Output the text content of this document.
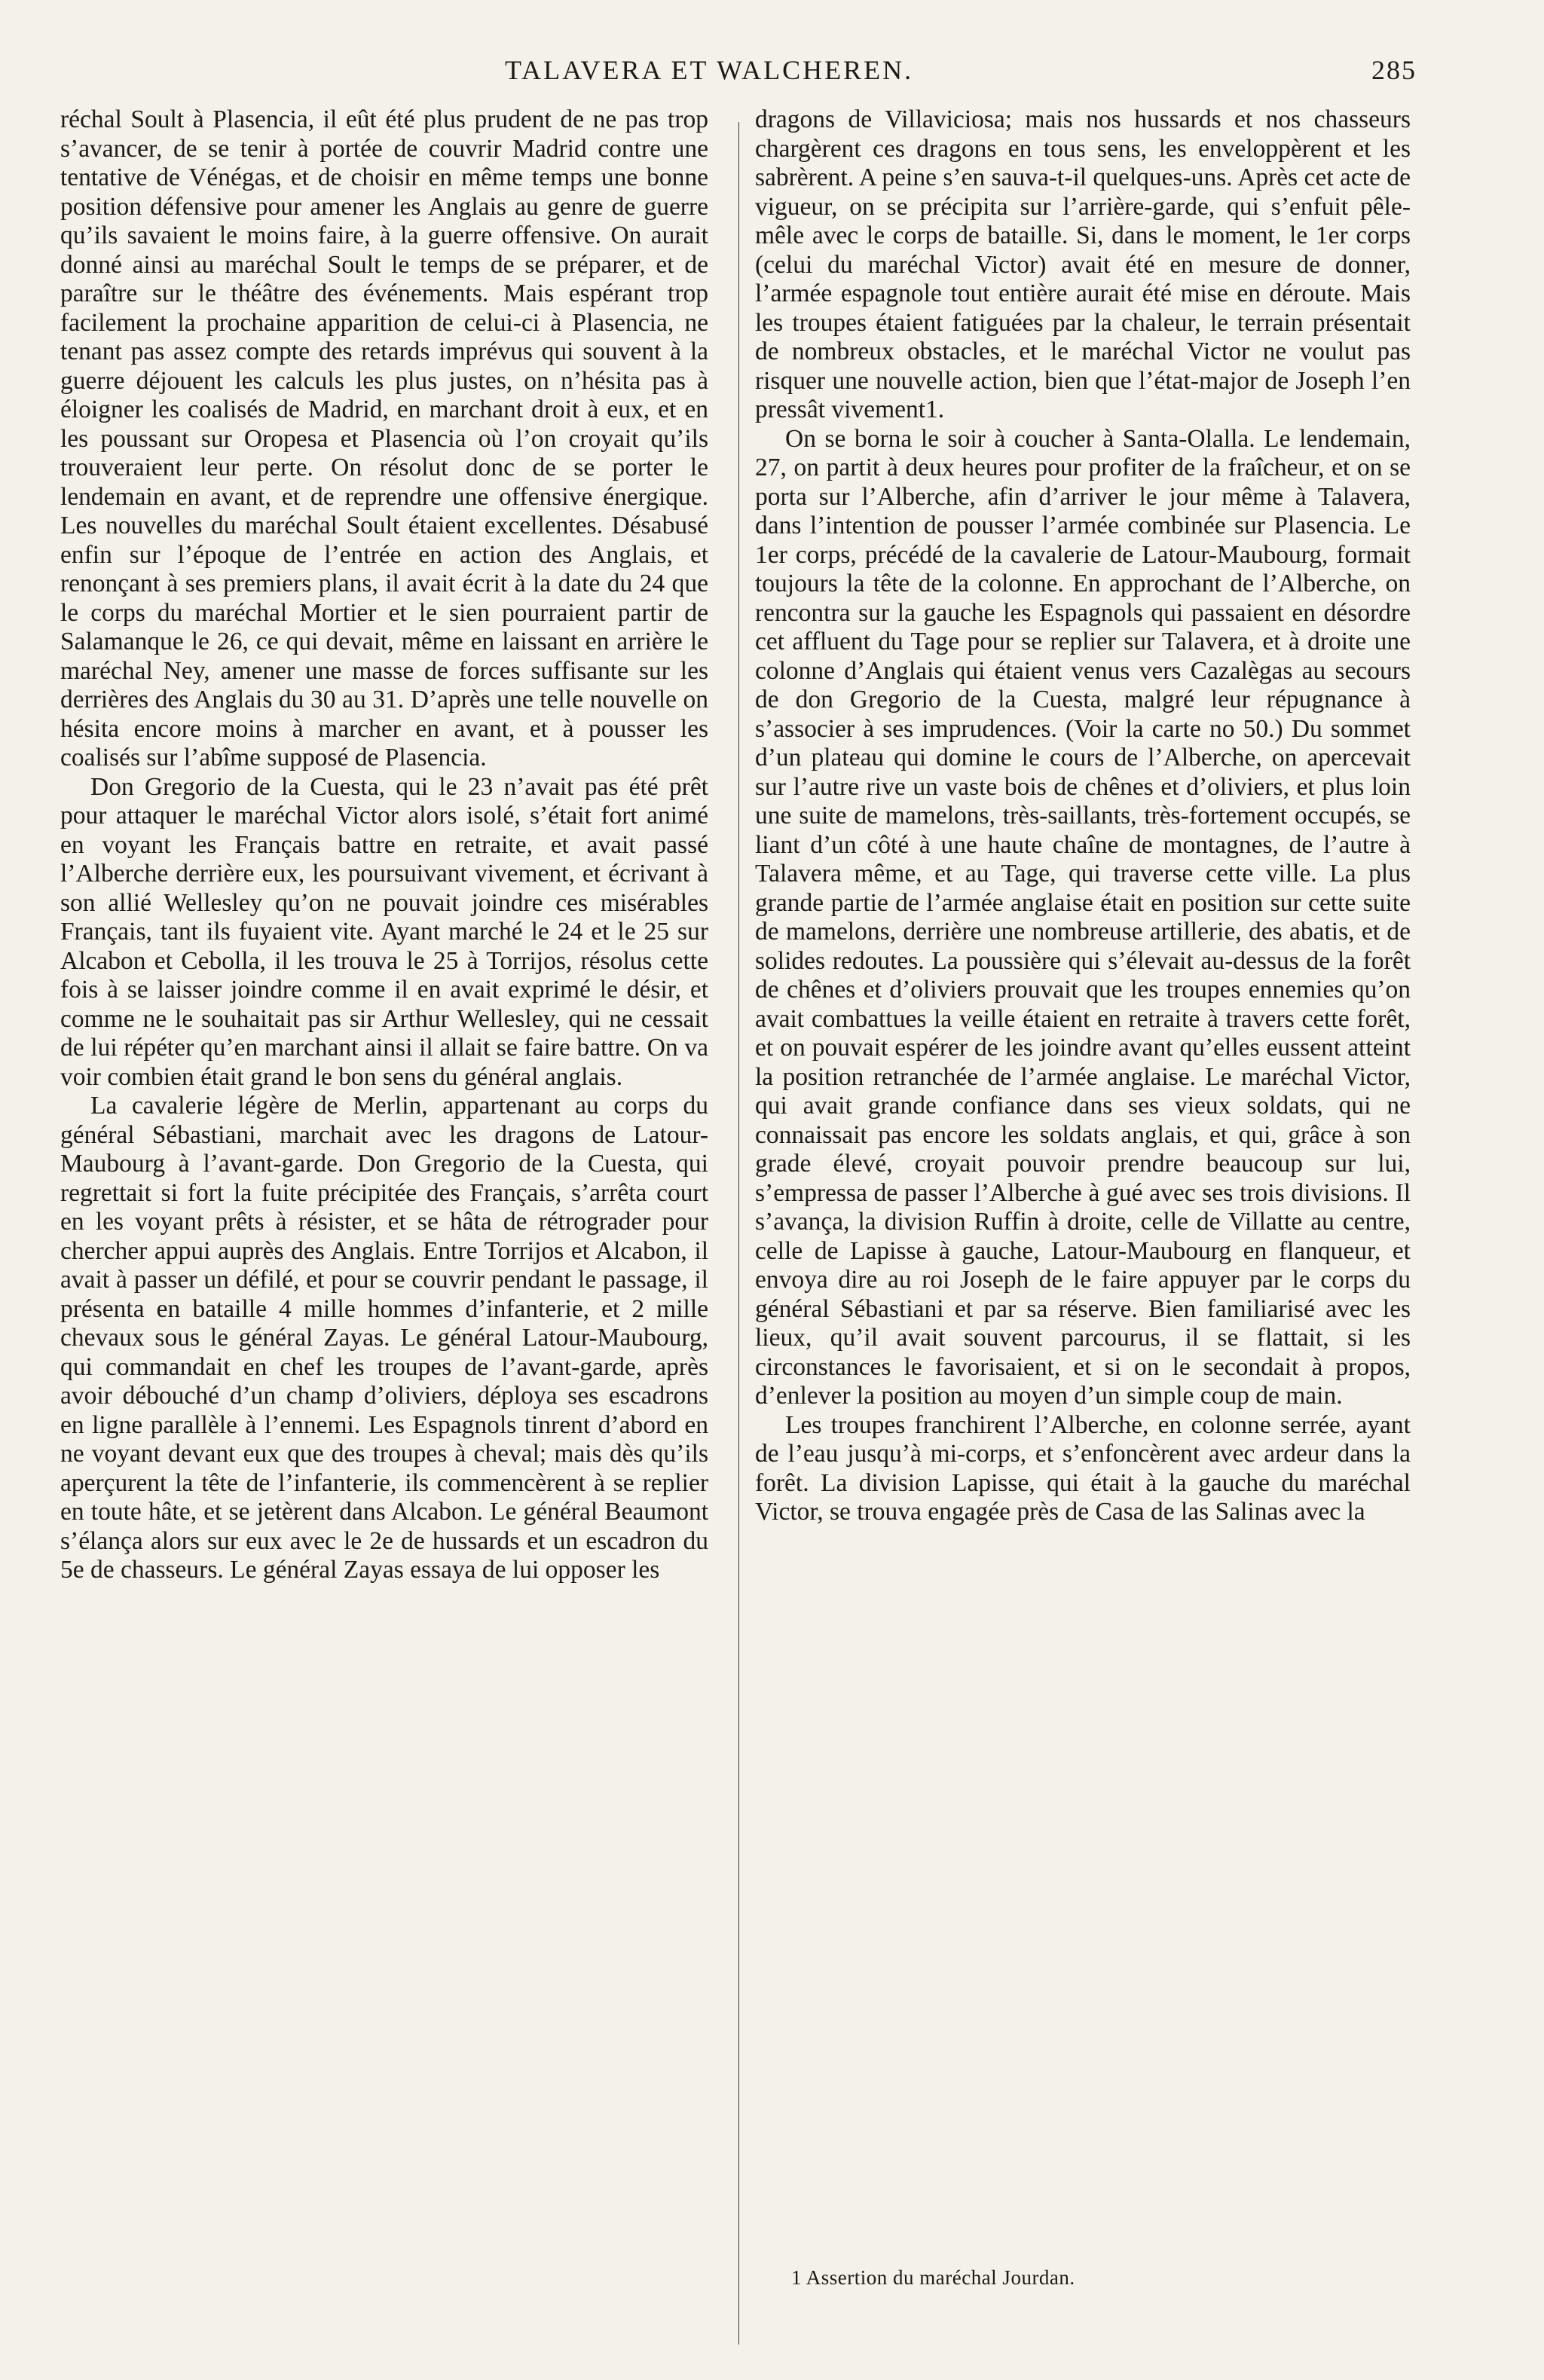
TALAVERA ET WALCHEREN.	285

réchal Soult à Plasencia, il eût été plus prudent de ne pas trop s’avancer, de se tenir à portée de couvrir Madrid contre une tentative de Vénégas, et de choisir en même temps une bonne position défensive pour amener les Anglais au genre de guerre qu’ils savaient le moins faire, à la guerre offensive. On aurait donné ainsi au maréchal Soult le temps de se préparer, et de paraître sur le théâtre des événements. Mais espérant trop facilement la prochaine apparition de celui-ci à Plasencia, ne tenant pas assez compte des retards imprévus qui souvent à la guerre déjouent les calculs les plus justes, on n’hésita pas à éloigner les coalisés de Madrid, en marchant droit à eux, et en les poussant sur Oropesa et Plasencia où l’on croyait qu’ils trouveraient leur perte. On résolut donc de se porter le lendemain en avant, et de reprendre une offensive énergique. Les nouvelles du maréchal Soult étaient excellentes. Désabusé enfin sur l’époque de l’entrée en action des Anglais, et renonçant à ses premiers plans, il avait écrit à la date du 24 que le corps du maréchal Mortier et le sien pourraient partir de Salamanque le 26, ce qui devait, même en laissant en arrière le maréchal Ney, amener une masse de forces suffisante sur les derrières des Anglais du 30 au 31. D’après une telle nouvelle on hésita encore moins à marcher en avant, et à pousser les coalisés sur l’abîme supposé de Plasencia.

Don Gregorio de la Cuesta, qui le 23 n’avait pas été prêt pour attaquer le maréchal Victor alors isolé, s’était fort animé en voyant les Français battre en retraite, et avait passé l’Alberche derrière eux, les poursuivant vivement, et écrivant à son allié Wellesley qu’on ne pouvait joindre ces misérables Français, tant ils fuyaient vite. Ayant marché le 24 et le 25 sur Alcabon et Cebolla, il les trouva le 25 à Torrijos, résolus cette fois à se laisser joindre comme il en avait exprimé le désir, et comme ne le souhaitait pas sir Arthur Wellesley, qui ne cessait de lui répéter qu’en marchant ainsi il allait se faire battre. On va voir combien était grand le bon sens du général anglais.

La cavalerie légère de Merlin, appartenant au corps du général Sébastiani, marchait avec les dragons de Latour-Maubourg à l’avant-garde. Don Gregorio de la Cuesta, qui regrettait si fort la fuite précipitée des Français, s’arrêta court en les voyant prêts à résister, et se hâta de rétrograder pour chercher appui auprès des Anglais. Entre Torrijos et Alcabon, il avait à passer un défilé, et pour se couvrir pendant le passage, il présenta en bataille 4 mille hommes d’infanterie, et 2 mille chevaux sous le général Zayas. Le général Latour-Maubourg, qui commandait en chef les troupes de l’avant-garde, après avoir débouché d’un champ d’oliviers, déploya ses escadrons en ligne parallèle à l’ennemi. Les Espagnols tinrent d’abord en ne voyant devant eux que des troupes à cheval; mais dès qu’ils aperçurent la tête de l’infanterie, ils commencèrent à se replier en toute hâte, et se jetèrent dans Alcabon. Le général Beaumont s’élança alors sur eux avec le 2e de hussards et un escadron du 5e de chasseurs. Le général Zayas essaya de lui opposer les

dragons de Villaviciosa; mais nos hussards et nos chasseurs chargèrent ces dragons en tous sens, les enveloppèrent et les sabrèrent. A peine s’en sauva-t-il quelques-uns. Après cet acte de vigueur, on se précipita sur l’arrière-garde, qui s’enfuit pêle-mêle avec le corps de bataille. Si, dans le moment, le 1er corps (celui du maréchal Victor) avait été en mesure de donner, l’armée espagnole tout entière aurait été mise en déroute. Mais les troupes étaient fatiguées par la chaleur, le terrain présentait de nombreux obstacles, et le maréchal Victor ne voulut pas risquer une nouvelle action, bien que l’état-major de Joseph l’en pressât vivement1.

On se borna le soir à coucher à Santa-Olalla. Le lendemain, 27, on partit à deux heures pour profiter de la fraîcheur, et on se porta sur l’Alberche, afin d’arriver le jour même à Talavera, dans l’intention de pousser l’armée combinée sur Plasencia. Le 1er corps, précédé de la cavalerie de Latour-Maubourg, formait toujours la tête de la colonne. En approchant de l’Alberche, on rencontra sur la gauche les Espagnols qui passaient en désordre cet affluent du Tage pour se replier sur Talavera, et à droite une colonne d’Anglais qui étaient venus vers Cazalègas au secours de don Gregorio de la Cuesta, malgré leur répugnance à s’associer à ses imprudences. (Voir la carte no 50.) Du sommet d’un plateau qui domine le cours de l’Alberche, on apercevait sur l’autre rive un vaste bois de chênes et d’oliviers, et plus loin une suite de mamelons, très-saillants, très-fortement occupés, se liant d’un côté à une haute chaîne de montagnes, de l’autre à Talavera même, et au Tage, qui traverse cette ville. La plus grande partie de l’armée anglaise était en position sur cette suite de mamelons, derrière une nombreuse artillerie, des abatis, et de solides redoutes. La poussière qui s’élevait au-dessus de la forêt de chênes et d’oliviers prouvait que les troupes ennemies qu’on avait combattues la veille étaient en retraite à travers cette forêt, et on pouvait espérer de les joindre avant qu’elles eussent atteint la position retranchée de l’armée anglaise. Le maréchal Victor, qui avait grande confiance dans ses vieux soldats, qui ne connaissait pas encore les soldats anglais, et qui, grâce à son grade élevé, croyait pouvoir prendre beaucoup sur lui, s’empressa de passer l’Alberche à gué avec ses trois divisions. Il s’avança, la division Ruffin à droite, celle de Villatte au centre, celle de Lapisse à gauche, Latour-Maubourg en flanqueur, et envoya dire au roi Joseph de le faire appuyer par le corps du général Sébastiani et par sa réserve. Bien familiarisé avec les lieux, qu’il avait souvent parcourus, il se flattait, si les circonstances le favorisaient, et si on le secondait à propos, d’enlever la position au moyen d’un simple coup de main.

Les troupes franchirent l’Alberche, en colonne serrée, ayant de l’eau jusqu’à mi-corps, et s’enfoncèrent avec ardeur dans la forêt. La division Lapisse, qui était à la gauche du maréchal Victor, se trouva engagée près de Casa de las Salinas avec la

1 Assertion du maréchal Jourdan.
